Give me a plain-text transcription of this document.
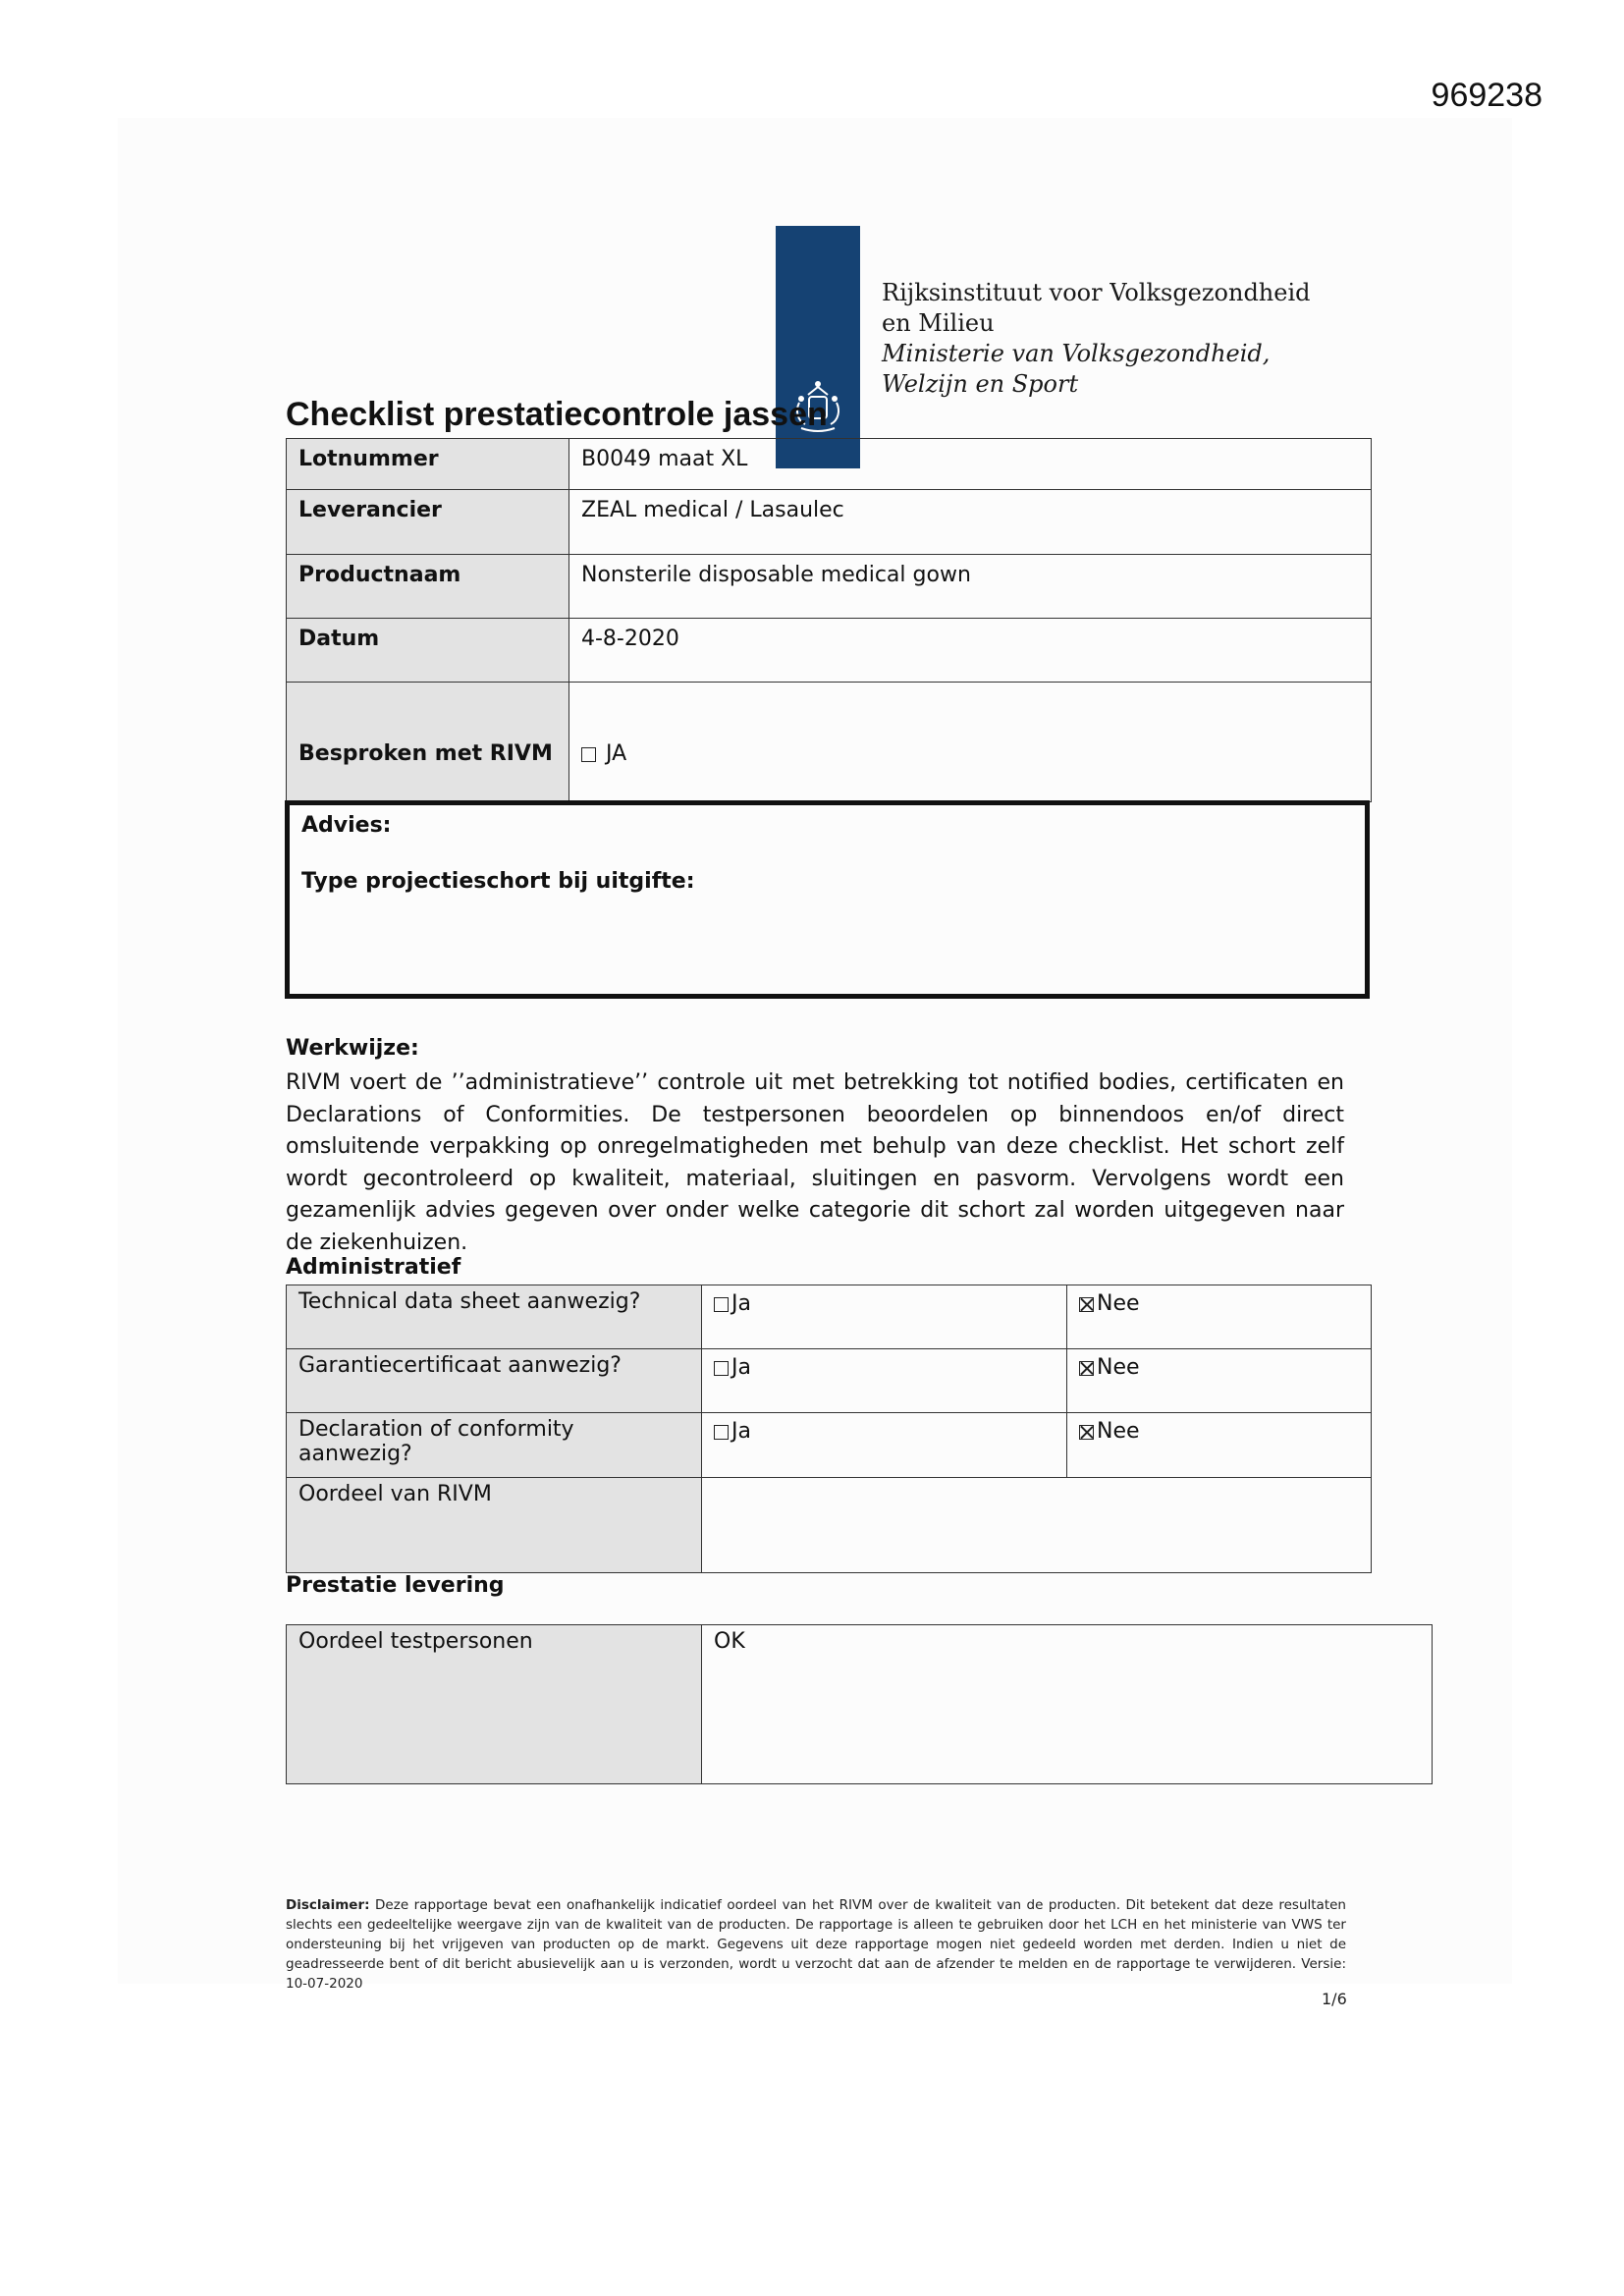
969238
Rijksinstituut voor Volksgezondheid
en Milieu
Ministerie van Volksgezondheid,
Welzijn en Sport
Checklist prestatiecontrole jassen
Lotnummer	B0049 maat XL
Leverancier	ZEAL medical / Lasaulec
Productnaam	Nonsterile disposable medical gown
Datum	4-8-2020
Besproken met RIVM	JA
Advies:
Type projectieschort bij uitgifte:
Werkwijze:
RIVM voert de ’’administratieve’’ controle uit met betrekking tot notified bodies, certificaten en Declarations of Conformities. De testpersonen beoordelen op binnendoos en/of direct omsluitende verpakking op onregelmatigheden met behulp van deze checklist. Het schort zelf wordt gecontroleerd op kwaliteit, materiaal, sluitingen en pasvorm. Vervolgens wordt een gezamenlijk advies gegeven over onder welke categorie dit schort zal worden uitgegeven naar de ziekenhuizen.
Administratief
Technical data sheet aanwezig?	Ja	Nee
Garantiecertificaat aanwezig?	Ja	Nee
Declaration of conformity aanwezig?	Ja	Nee
Oordeel van RIVM		
Prestatie levering
Oordeel testpersonen	OK
Disclaimer: Deze rapportage bevat een onafhankelijk indicatief oordeel van het RIVM over de kwaliteit van de producten. Dit betekent dat deze resultaten slechts een gedeeltelijke weergave zijn van de kwaliteit van de producten. De rapportage is alleen te gebruiken door het LCH en het ministerie van VWS ter ondersteuning bij het vrijgeven van producten op de markt. Gegevens uit deze rapportage mogen niet gedeeld worden met derden. Indien u niet de geadresseerde bent of dit bericht abusievelijk aan u is verzonden, wordt u verzocht dat aan de afzender te melden en de rapportage te verwijderen. Versie: 10-07-2020
1/6
